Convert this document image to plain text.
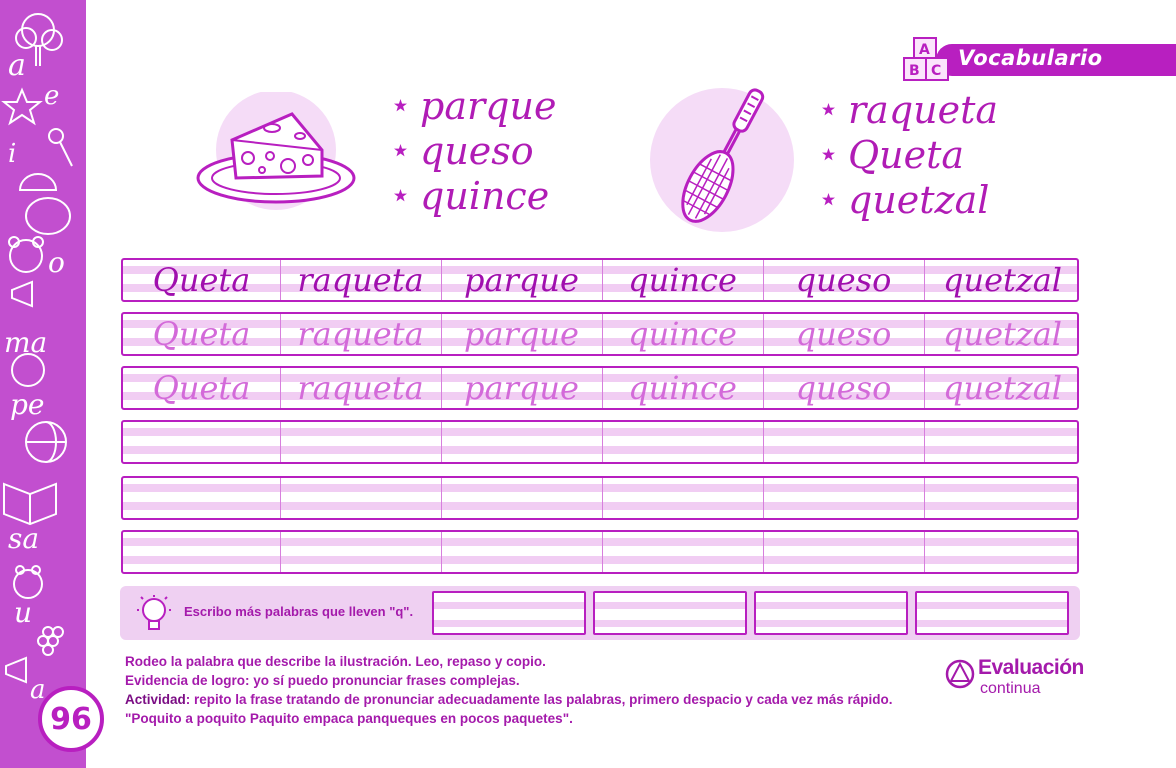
a
e
i
o
ma
pe
sa
u
a
96
A
B C
Vocabulario
parque
queso
quince
raqueta
Queta
quetzal
Queta	raqueta	parque	quince	queso	quetzal
Queta	raqueta	parque	quince	queso	quetzal
Queta	raqueta	parque	quince	queso	quetzal
Escribo más palabras que lleven "q".

Rodeo la palabra que describe la ilustración. Leo, repaso y copio.

Evidencia de logro: yo sí puedo pronunciar frases complejas.

Actividad: repito la frase tratando de pronunciar adecuadamente las palabras, primero despacio y cada vez más rápido.

"Poquito a poquito Paquito empaca panqueques en pocos paquetes".

Evaluación
continua
